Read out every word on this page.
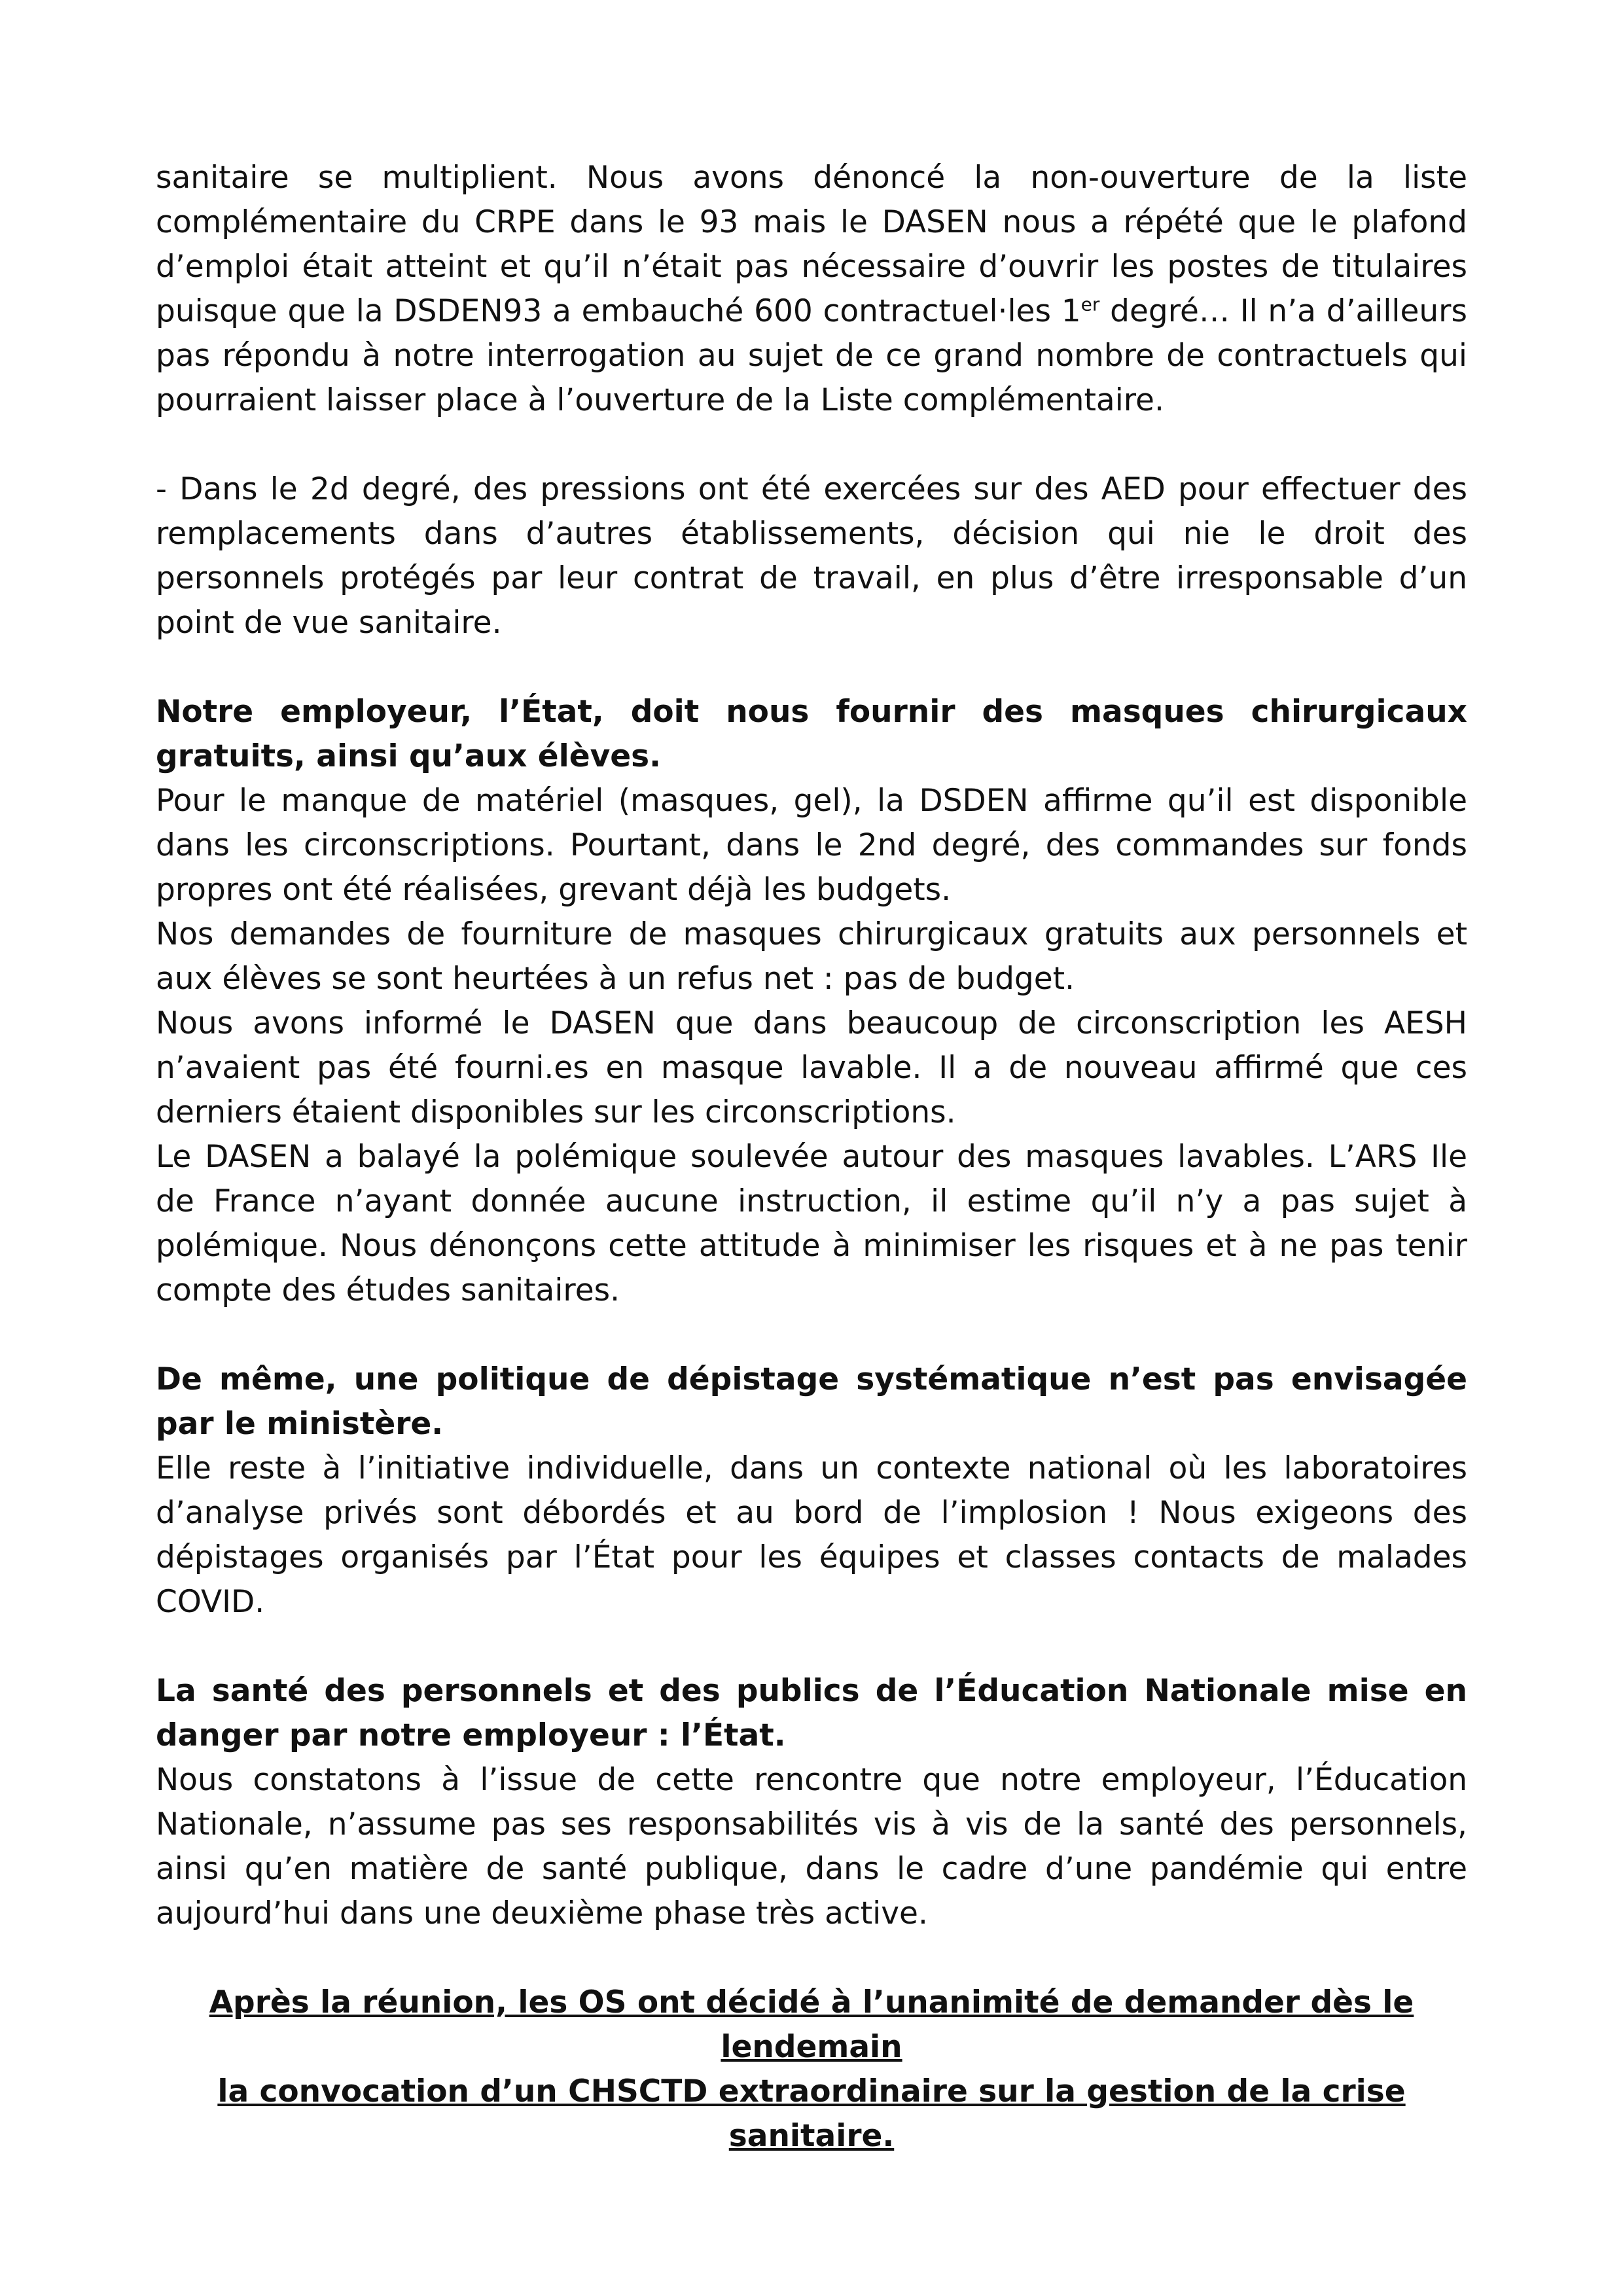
sanitaire se multiplient. Nous avons dénoncé la non-ouverture de la liste complémentaire du CRPE dans le 93 mais le DASEN nous a répété que le plafond d’emploi était atteint et qu’il n’était pas nécessaire d’ouvrir les postes de titulaires puisque que la DSDEN93 a embauché 600 contractuel·les 1er degré… Il n’a d’ailleurs pas répondu à notre interrogation au sujet de ce grand nombre de contractuels qui pourraient laisser place à l’ouverture de la Liste complémentaire.

- Dans le 2d degré, des pressions ont été exercées sur des AED pour effectuer des remplacements dans d’autres établissements, décision qui nie le droit des personnels protégés par leur contrat de travail, en plus d’être irresponsable d’un point de vue sanitaire.

Notre employeur, l’État, doit nous fournir des masques chirurgicaux gratuits, ainsi qu’aux élèves.

Pour le manque de matériel (masques, gel), la DSDEN affirme qu’il est disponible dans les circonscriptions. Pourtant, dans le 2nd degré, des commandes sur fonds propres ont été réalisées, grevant déjà les budgets.

Nos demandes de fourniture de masques chirurgicaux gratuits aux personnels et aux élèves se sont heurtées à un refus net : pas de budget.

Nous avons informé le DASEN que dans beaucoup de circonscription les AESH n’avaient pas été fourni.es en masque lavable. Il a de nouveau affirmé que ces derniers étaient disponibles sur les circonscriptions.

Le DASEN a balayé la polémique soulevée autour des masques lavables. L’ARS Ile de France n’ayant donnée aucune instruction, il estime qu’il n’y a pas sujet à polémique. Nous dénonçons cette attitude à minimiser les risques et à ne pas tenir compte des études sanitaires.

De même, une politique de dépistage systématique n’est pas envisagée par le ministère.

Elle reste à l’initiative individuelle, dans un contexte national où les laboratoires d’analyse privés sont débordés et au bord de l’implosion ! Nous exigeons des dépistages organisés par l’État pour les équipes et classes contacts de malades COVID.

La santé des personnels et des publics de l’Éducation Nationale mise en danger par notre employeur : l’État.

Nous constatons à l’issue de cette rencontre que notre employeur, l’Éducation Nationale, n’assume pas ses responsabilités vis à vis de la santé des personnels, ainsi qu’en matière de santé publique, dans le cadre d’une pandémie qui entre aujourd’hui dans une deuxième phase très active.

Après la réunion, les OS ont décidé à l’unanimité de demander dès le lendemain

la convocation d’un CHSCTD extraordinaire sur la gestion de la crise sanitaire.
